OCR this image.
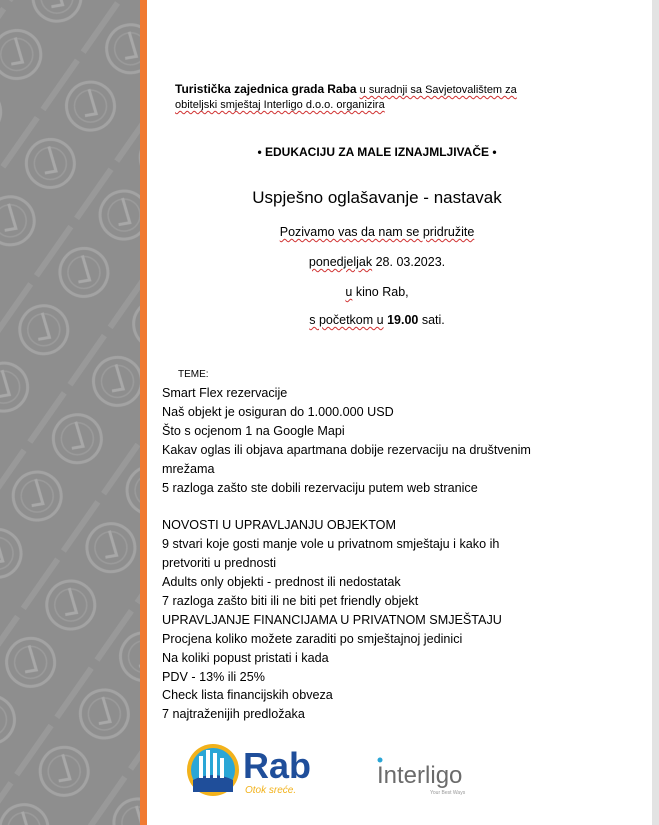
Turistička zajednica grada Raba u suradnji sa Savjetovalištem za
obiteljski smještaj Interligo d.o.o. organizira
• EDUKACIJU ZA MALE IZNAJMLJIVAČE •
Uspješno oglašavanje - nastavak
Pozivamo vas da nam se pridružite
ponedjeljak 28. 03.2023.
u kino Rab,
s početkom u 19.00 sati.
TEME:
Smart Flex rezervacije
Naš objekt je osiguran do 1.000.000 USD
Što s ocjenom 1 na Google Mapi
Kakav oglas ili objava apartmana dobije rezervaciju na društvenim
mrežama
5 razloga zašto ste dobili rezervaciju putem web stranice
NOVOSTI U UPRAVLJANJU OBJEKTOM
9 stvari koje gosti manje vole u privatnom smještaju i kako ih
pretvoriti u prednosti
Adults only objekti - prednost ili nedostatak
7 razloga zašto biti ili ne biti pet friendly objekt
UPRAVLJANJE FINANCIJAMA U PRIVATNOM SMJEŠTAJU
Procjena koliko možete zaraditi po smještajnoj jedinici
Na koliki popust pristati i kada
PDV - 13% ili 25%
Check lista financijskih obveza
7 najtraženijih predložaka
Rab
Otok sreće.
Interligo
Your Best Ways
